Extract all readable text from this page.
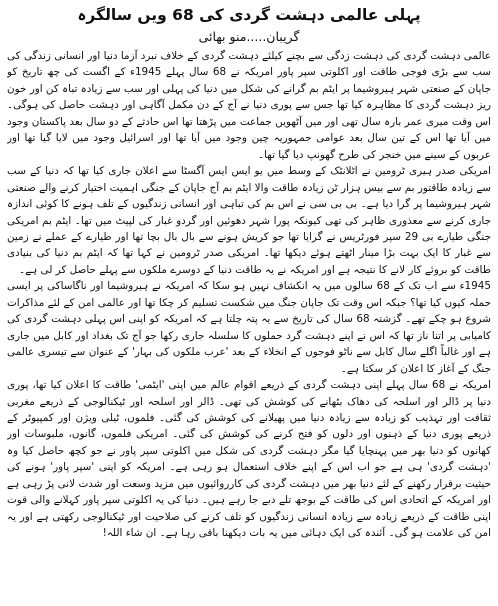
پہلی عالمی دہشت گردی کی 68 ویں سالگرہ
گریبان.....منو بھائی

عالمی دہشت گردی کی دہشت زدگی سے بچنے کیلئے دہشت گردی کے خلاف نبرد آزما دنیا اور انسانی زندگی کی سب سے بڑی فوجی طاقت اور اکلوتی سپر پاور امریکہ نے 68 سال پہلے 1945ء کے اگست کی چھ تاریخ کو جاپان کے صنعتی شہر ہیروشیما پر ایٹم بم گرانے کی شکل میں دنیا کی پہلی اور سب سے زیادہ تباہ کن اور خون ریز دہشت گردی کا مظاہرہ کیا تھا جس سے پوری دنیا نے آج کے دن مکمل آگاہی اور دہشت حاصل کی ہوگی۔ اس وقت میری عمر بارہ سال تھی اور میں آٹھویں جماعت میں پڑھتا تھا اس حادثے کے دو سال بعد پاکستان وجود میں آیا تھا اس کے تین سال بعد عوامی جمہوریہ چین وجود میں آیا تھا اور اسرائیل وجود میں لایا گیا تھا اور عربوں کے سینے میں خنجر کی طرح گھونپ دیا گیا تھا۔

امریکی صدر ہیری ٹرومین نے اٹلانٹک کے وسط میں یو ایس ایس آگسٹا سے اعلان جاری کیا تھا کہ دنیا کے سب سے زیادہ طاقتور بم سے بیس ہزار ٹن زیادہ طاقت والا ایٹم بم آج جاپان کے جنگی اہمیت اختیار کرنے والے صنعتی شہر ہیروشیما پر گرا دیا ہے۔ بی بی سی نے اس بم کی تباہی اور انسانی زندگیوں کے تلف ہونے کا کوئی اندازہ جاری کرنے سے معذوری ظاہر کی تھی کیونکہ پورا شہر دھوئیں اور گردو غبار کی لپیٹ میں تھا۔ ایٹم بم امریکی جنگی طیارے بی 29 سپر فورٹریس نے گرایا تھا جو کریش ہونے سے بال بال بچا تھا اور طیارے کے عملے نے زمین سے غبار کا ایک بہت بڑا مینار اٹھتے ہوئے دیکھا تھا۔ امریکی صدر ٹرومین نے کہا تھا کہ ایٹم بم دنیا کی بنیادی طاقت کو بروئے کار لانے کا نتیجہ ہے اور امریکہ نے یہ طاقت دنیا کے دوسرے ملکوں سے پہلے حاصل کر لی ہے۔

1945ء سے اب تک کے 68 سالوں میں یہ انکشاف نہیں ہو سکا کہ امریکہ نے ہیروشیما اور ناگاساکی پر ایسی حملہ کیوں کیا تھا؟ جبکہ اس وقت تک جاپان جنگ میں شکست تسلیم کر چکا تھا اور عالمی امن کے لئے مذاکرات شروع ہو چکے تھے۔ گزشتہ 68 سال کی تاریخ سے یہ پتہ چلتا ہے کہ امریکہ کو اپنی اس پہلی دہشت گردی کی کامیابی پر اتنا ناز تھا کہ اس نے اپنے دہشت گرد حملوں کا سلسلہ جاری رکھا جو آج تک بغداد اور کابل میں جاری ہے اور غالباً اگلے سال کابل سے ناٹو فوجوں کے انخلاء کے بعد 'عرب ملکوں کی بہار' کے عنوان سے تیسری عالمی جنگ کے آغاز کا اعلان کر سکتا ہے۔

امریکہ نے 68 سال پہلے اپنی دہشت گردی کے ذریعے اقوام عالم میں اپنی 'ایٹمی' طاقت کا اعلان کیا تھا، پوری دنیا پر ڈالر اور اسلحہ کی دھاک بٹھانے کی کوشش کی تھی۔ ڈالر اور اسلحہ اور ٹیکنالوجی کے ذریعے مغربی ثقافت اور تہذیب کو زیادہ سے زیادہ دنیا میں پھیلانے کی کوشش کی گئی۔ فلموں، ٹیلی ویژن اور کمپیوٹر کے ذریعے پوری دنیا کے ذہنوں اور دلوں کو فتح کرنے کی کوشش کی گئی۔ امریکی فلموں، گانوں، ملبوسات اور کھانوں کو دنیا بھر میں پہنچایا گیا مگر دہشت گردی کی شکل میں اکلوتی سپر پاور نے جو کچھ حاصل کیا وہ 'دہشت گردی' ہی ہے جو اب اس کے اپنے خلاف استعمال ہو رہی ہے۔ امریکہ کو اپنی 'سپر پاور' ہونے کی حیثیت برقرار رکھنے کے لئے دنیا بھر میں دہشت گردی کی کارروائیوں میں مزید وسعت اور شدت لانی پڑ رہی ہے اور امریکہ کے اتحادی اس کی طاقت کے بوجھ تلے دبے جا رہے ہیں۔ دنیا کی یہ اکلوتی سپر پاور کہلانے والی قوت اپنی طاقت کے ذریعے زیادہ سے زیادہ انسانی زندگیوں کو تلف کرنے کی صلاحیت اور ٹیکنالوجی رکھتی ہے اور یہ امن کی علامت ہو گی۔ آئندہ کی ایک دہائی میں یہ بات دیکھنا باقی رہا ہے۔ ان شاء اللہ!
